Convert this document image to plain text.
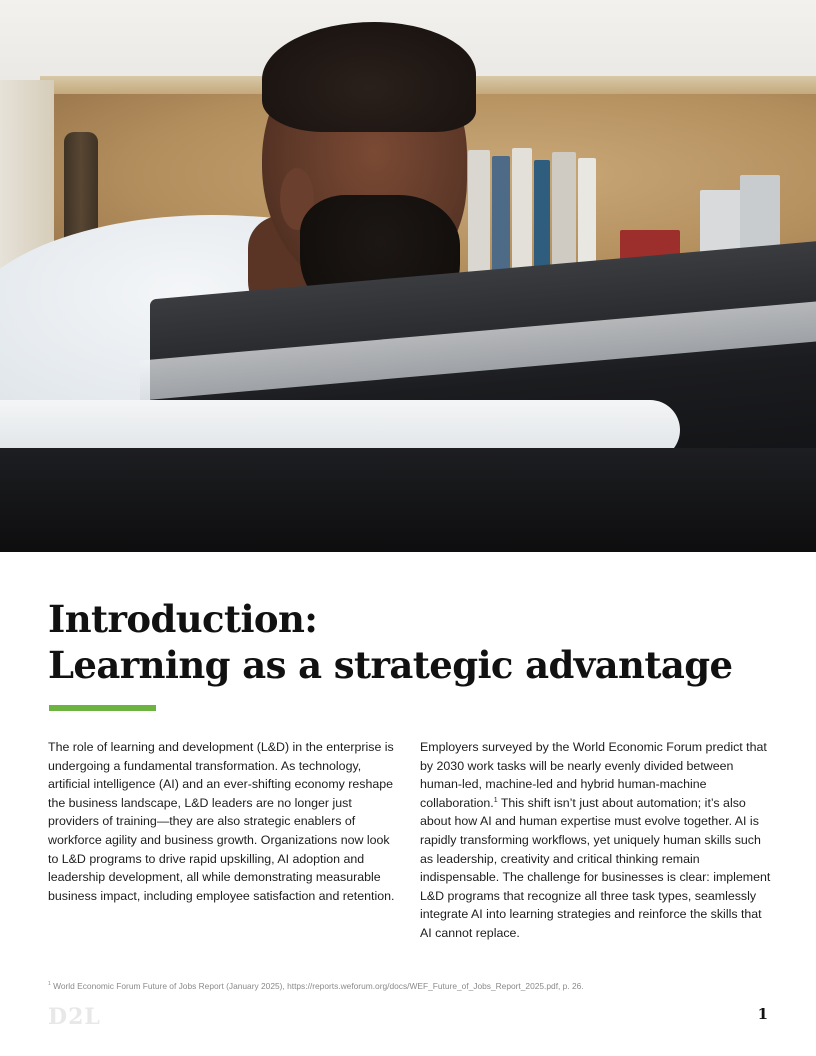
Introduction:
Learning as a strategic advantage

The role of learning and development (L&D) in the enterprise is undergoing a fundamental transformation. As technology, artificial intelligence (AI) and an ever-shifting economy reshape the business landscape, L&D leaders are no longer just providers of training—they are also strategic enablers of workforce agility and business growth. Organizations now look to L&D programs to drive rapid upskilling, AI adoption and leadership development, all while demonstrating measurable business impact, including employee satisfaction and retention.

Employers surveyed by the World Economic Forum predict that by 2030 work tasks will be nearly evenly divided between human-led, machine-led and hybrid human-machine collaboration.$^1$ This shift isn’t just about automation; it’s also about how AI and human expertise must evolve together. AI is rapidly transforming workflows, yet uniquely human skills such as leadership, creativity and critical thinking remain indispensable. The challenge for businesses is clear: implement L&D programs that recognize all three task types, seamlessly integrate AI into learning strategies and reinforce the skills that AI cannot replace.

$^1$ World Economic Forum Future of Jobs Report (January 2025), https://reports.weforum.org/docs/WEF_Future_of_Jobs_Report_2025.pdf, p. 26.
D2L	1
